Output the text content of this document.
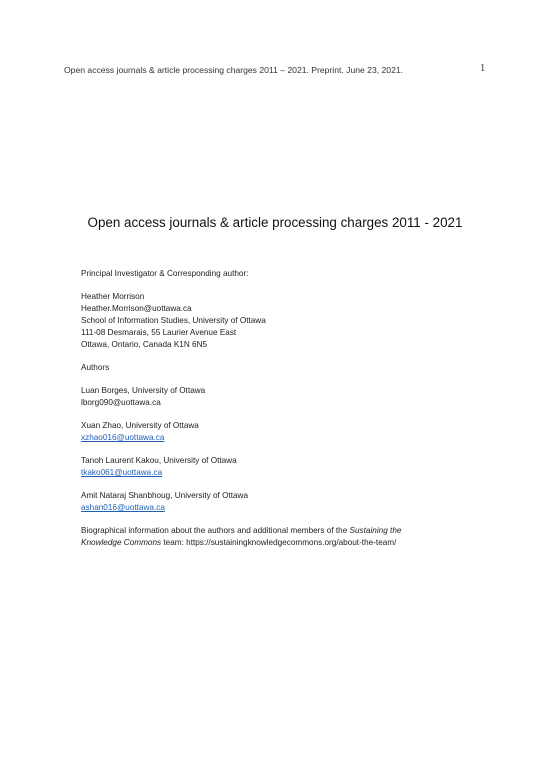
Open access journals & article processing charges 2011 – 2021. Preprint. June 23, 2021.	1
Open access journals & article processing charges 2011 - 2021

Principal Investigator & Corresponding author:

Heather Morrison
Heather.Morrison@uottawa.ca
School of Information Studies, University of Ottawa
111-08 Desmarais, 55 Laurier Avenue East
Ottawa, Ontario, Canada K1N 6N5

Authors

Luan Borges, University of Ottawa
lborg090@uottawa.ca

Xuan Zhao, University of Ottawa
xzhao016@uottawa.ca

Tanoh Laurent Kakou, University of Ottawa
tkako061@uottawa.ca

Amit Nataraj Shanbhoug, University of Ottawa
ashan016@uottawa.ca

Biographical information about the authors and additional members of the Sustaining the
Knowledge Commons team: https://sustainingknowledgecommons.org/about-the-team/
